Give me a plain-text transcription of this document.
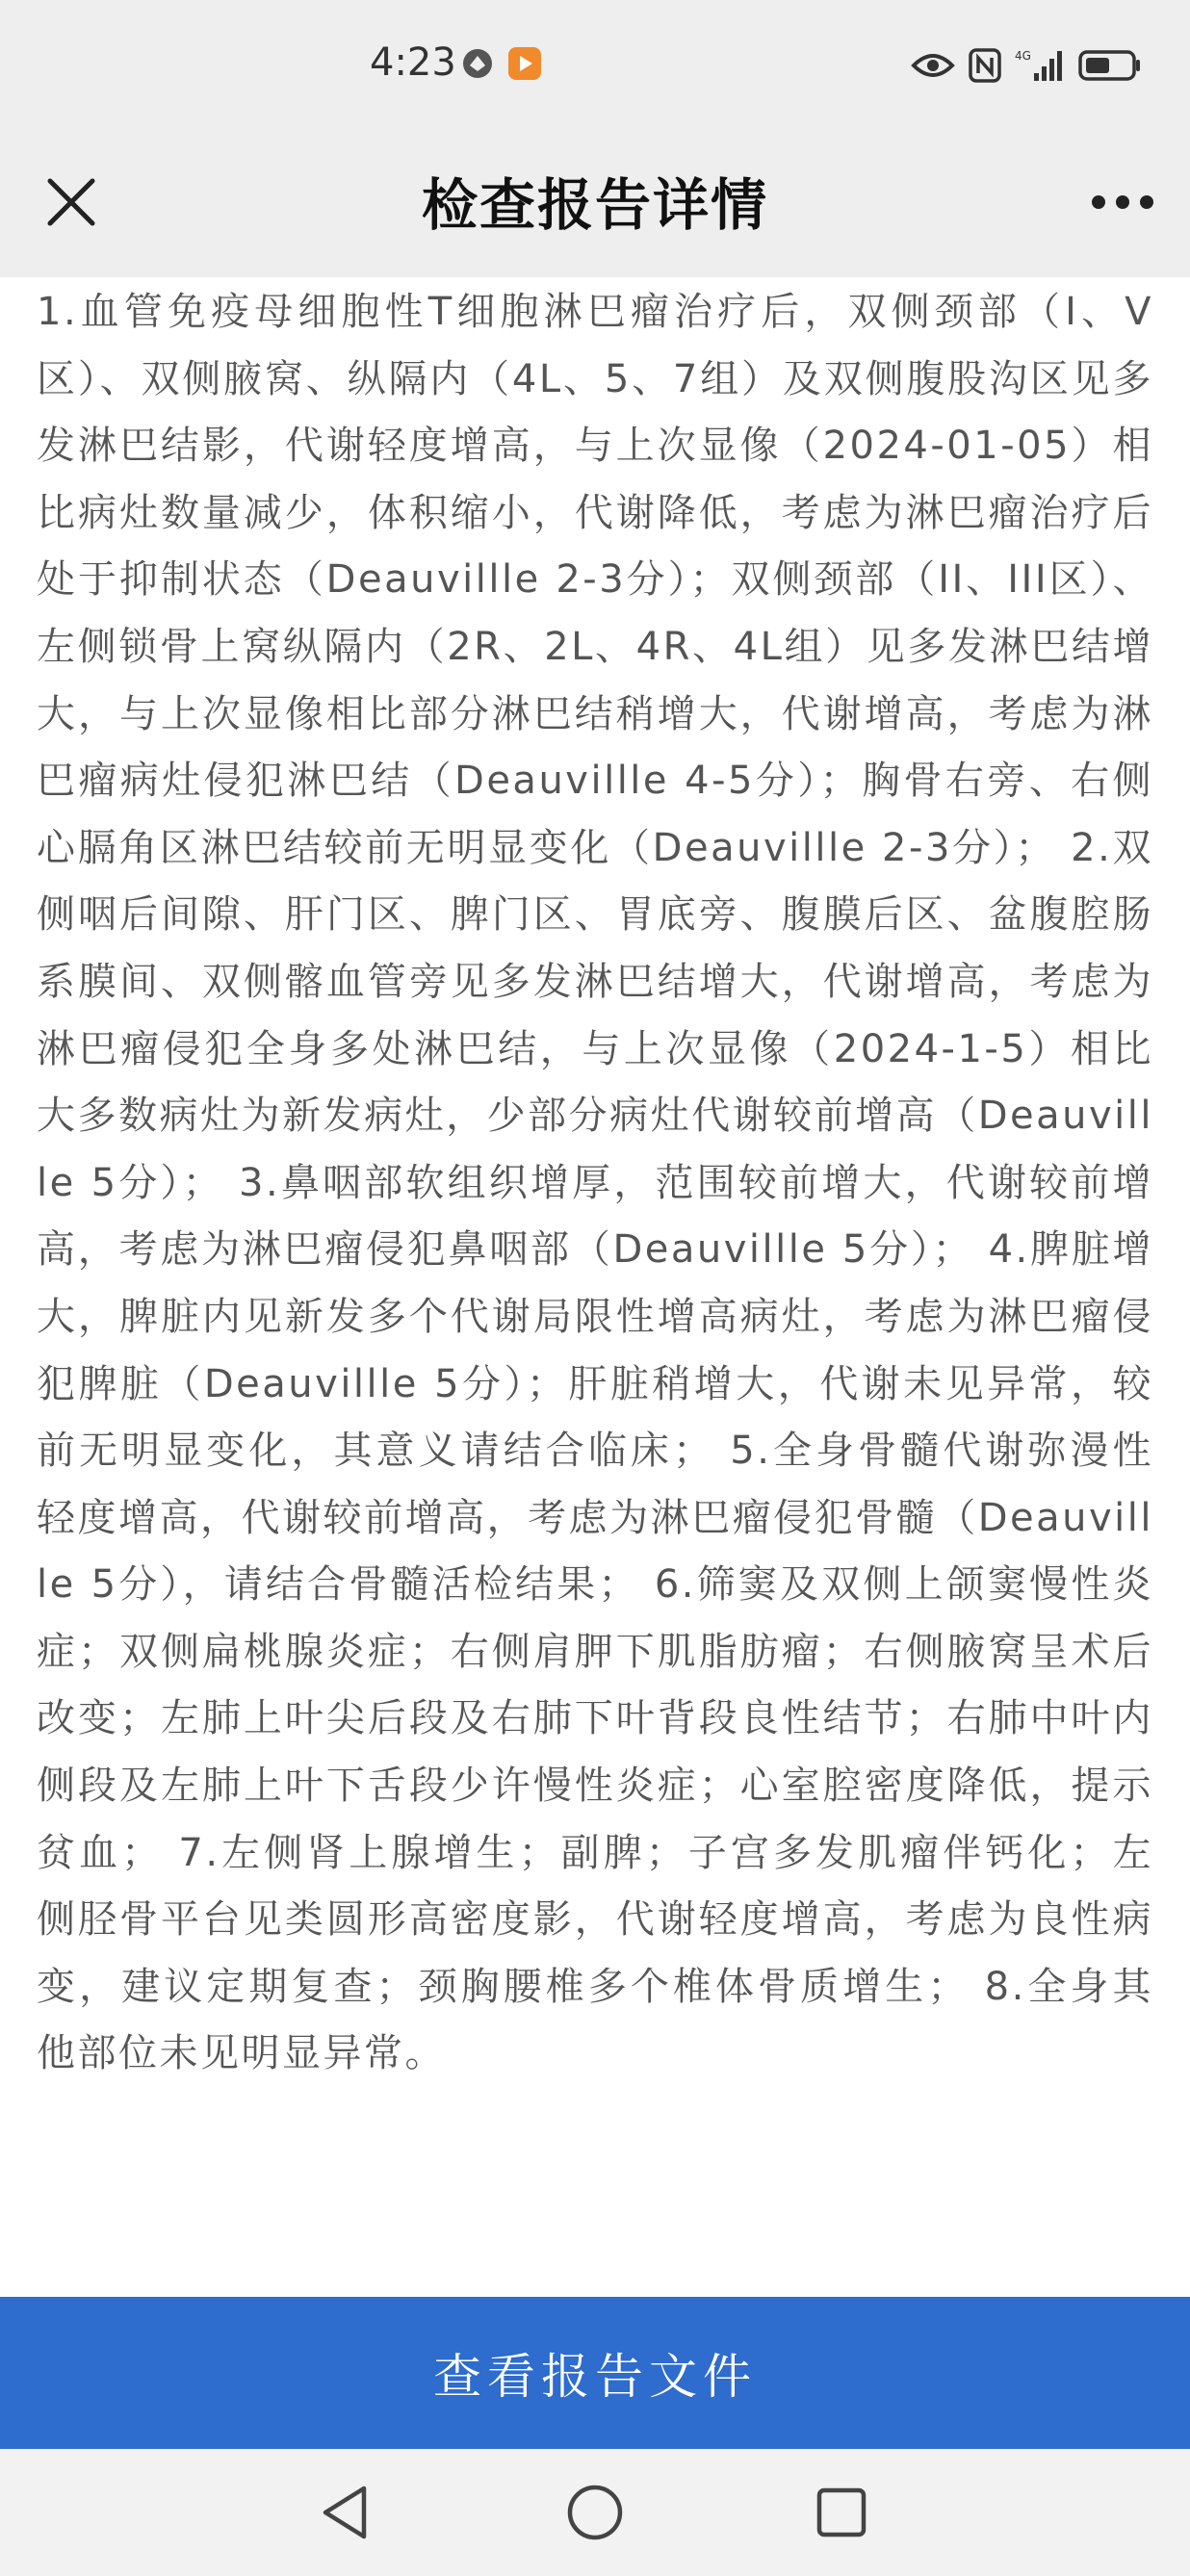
4:23	4G
检查报告详情

1.血管免疫母细胞性T细胞淋巴瘤治疗后，双侧颈部（I、V区）、双侧腋窝、纵隔内（4L、5、7组）及双侧腹股沟区见多发淋巴结影，代谢轻度增高，与上次显像（2024-01-05）相比病灶数量减少，体积缩小，代谢降低，考虑为淋巴瘤治疗后处于抑制状态（Deauvillle 2-3分）；双侧颈部（II、III区）、左侧锁骨上窝纵隔内（2R、2L、4R、4L组）见多发淋巴结增大，与上次显像相比部分淋巴结稍增大，代谢增高，考虑为淋巴瘤病灶侵犯淋巴结（Deauvillle 4-5分）；胸骨右旁、右侧心膈角区淋巴结较前无明显变化（Deauvillle 2-3分）； 2.双侧咽后间隙、肝门区、脾门区、胃底旁、腹膜后区、盆腹腔肠系膜间、双侧髂血管旁见多发淋巴结增大，代谢增高，考虑为淋巴瘤侵犯全身多处淋巴结，与上次显像（2024-1-5）相比大多数病灶为新发病灶，少部分病灶代谢较前增高（Deauvillle 5分）； 3.鼻咽部软组织增厚，范围较前增大，代谢较前增高，考虑为淋巴瘤侵犯鼻咽部（Deauvillle 5分）； 4.脾脏增大，脾脏内见新发多个代谢局限性增高病灶，考虑为淋巴瘤侵犯脾脏（Deauvillle 5分）；肝脏稍增大，代谢未见异常，较前无明显变化，其意义请结合临床； 5.全身骨髓代谢弥漫性轻度增高，代谢较前增高，考虑为淋巴瘤侵犯骨髓（Deauvillle 5分），请结合骨髓活检结果； 6.筛窦及双侧上颌窦慢性炎症；双侧扁桃腺炎症；右侧肩胛下肌脂肪瘤；右侧腋窝呈术后改变；左肺上叶尖后段及右肺下叶背段良性结节；右肺中叶内侧段及左肺上叶下舌段少许慢性炎症；心室腔密度降低，提示贫血； 7.左侧肾上腺增生；副脾；子宫多发肌瘤伴钙化；左侧胫骨平台见类圆形高密度影，代谢轻度增高，考虑为良性病变，建议定期复查；颈胸腰椎多个椎体骨质增生； 8.全身其他部位未见明显异常。

查看报告文件
